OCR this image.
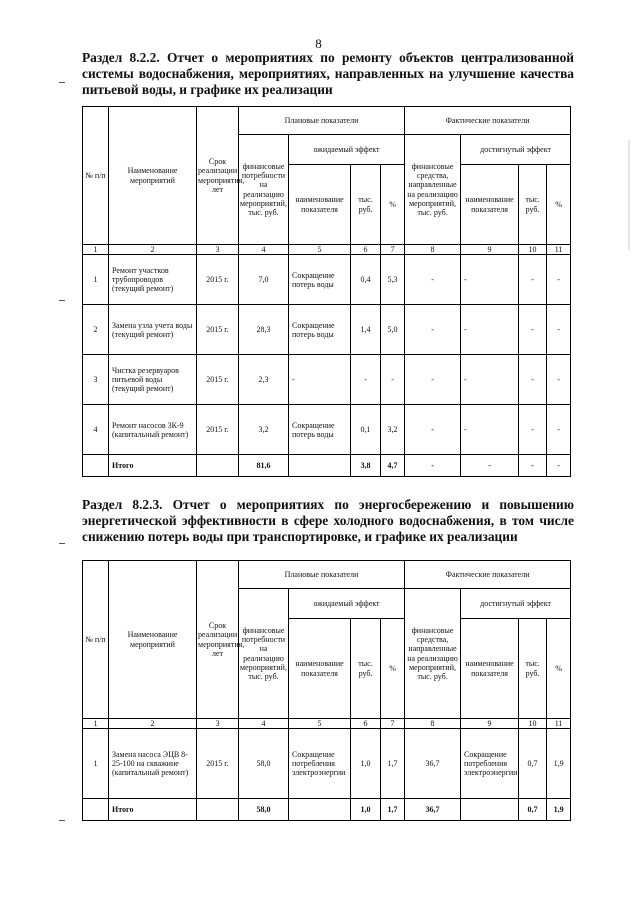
8
Раздел 8.2.2. Отчет о мероприятиях по ремонту объектов централизованной системы водоснабжения, мероприятиях, направленных на улучшение качества питьевой воды, и графике их реализации
№ п/п	Наименование мероприятий	Срок реализации мероприятия, лет	Плановые показатели				Фактические показатели			
			финансовые потребности на реализацию мероприятий, тыс. руб.	ожидаемый эффект			финансовые средства, направленные на реализацию мероприятий, тыс. руб.	достигнутый эффект		
				наименование показателя	тыс. руб.	%		наименование показателя	тыс. руб.	%
1	2	3	4	5	6	7	8	9	10	11
1	Ремонт участков трубопроводов (текущий ремонт)	2015 г.	7,0	Сокращение потерь воды	0,4	5,3	-	-	-	-
2	Замена узла учета воды (текущий ремонт)	2015 г.	28,3	Сокращение потерь воды	1,4	5,0	-	-	-	-
3	Чистка резервуаров питьевой воды (текущий ремонт)	2015 г.	2,3	-	-	-	-	-	-	-
4	Ремонт насосов 3К-9 (капитальный ремонт)	2015 г.	3,2	Сокращение потерь воды	0,1	3,2	-	-	-	-
	Итого		81,6		3,8	4,7	-	-	-	-
Раздел 8.2.3. Отчет о мероприятиях по энергосбережению и повышению энергетической эффективности в сфере холодного водоснабжения, в том числе снижению потерь воды при транспортировке, и графике их реализации
№ п/п	Наименование мероприятий	Срок реализации мероприятия, лет	Плановые показатели				Фактические показатели			
			финансовые потребности на реализацию мероприятий, тыс. руб.	ожидаемый эффект			финансовые средства, направленные на реализацию мероприятий, тыс. руб.	достигнутый эффект		
				наименование показателя	тыс. руб.	%		наименование показателя	тыс. руб.	%
1	2	3	4	5	6	7	8	9	10	11
1	Замена насоса ЭЦВ 8-25-100 на скважине (капитальный ремонт)	2015 г.	58,0	Сокращение потребления электроэнергии	1,0	1,7	36,7	Сокращение потребления электроэнергии	0,7	1,9
	Итого		58,0		1,0	1,7	36,7		0,7	1,9
